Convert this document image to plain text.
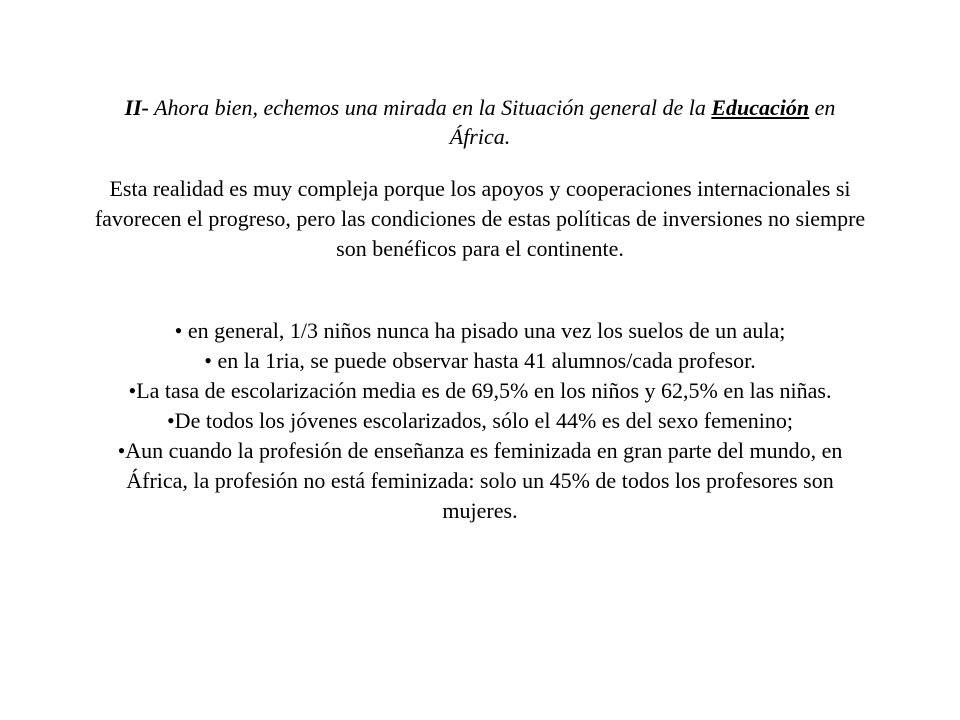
II- Ahora bien, echemos una mirada en la Situación general de la Educación en
África.
Esta realidad es muy compleja porque los apoyos y cooperaciones internacionales si
favorecen el progreso, pero las condiciones de estas políticas de inversiones no siempre
son benéficos para el continente.
• en general, 1/3 niños nunca ha pisado una vez los suelos de un aula;
• en la 1ria, se puede observar hasta 41 alumnos/cada profesor.
•La tasa de escolarización media es de 69,5% en los niños y 62,5% en las niñas.
•De todos los jóvenes escolarizados, sólo el 44% es del sexo femenino;
•Aun cuando la profesión de enseñanza es feminizada en gran parte del mundo, en
África, la profesión no está feminizada: solo un 45% de todos los profesores son
mujeres.
